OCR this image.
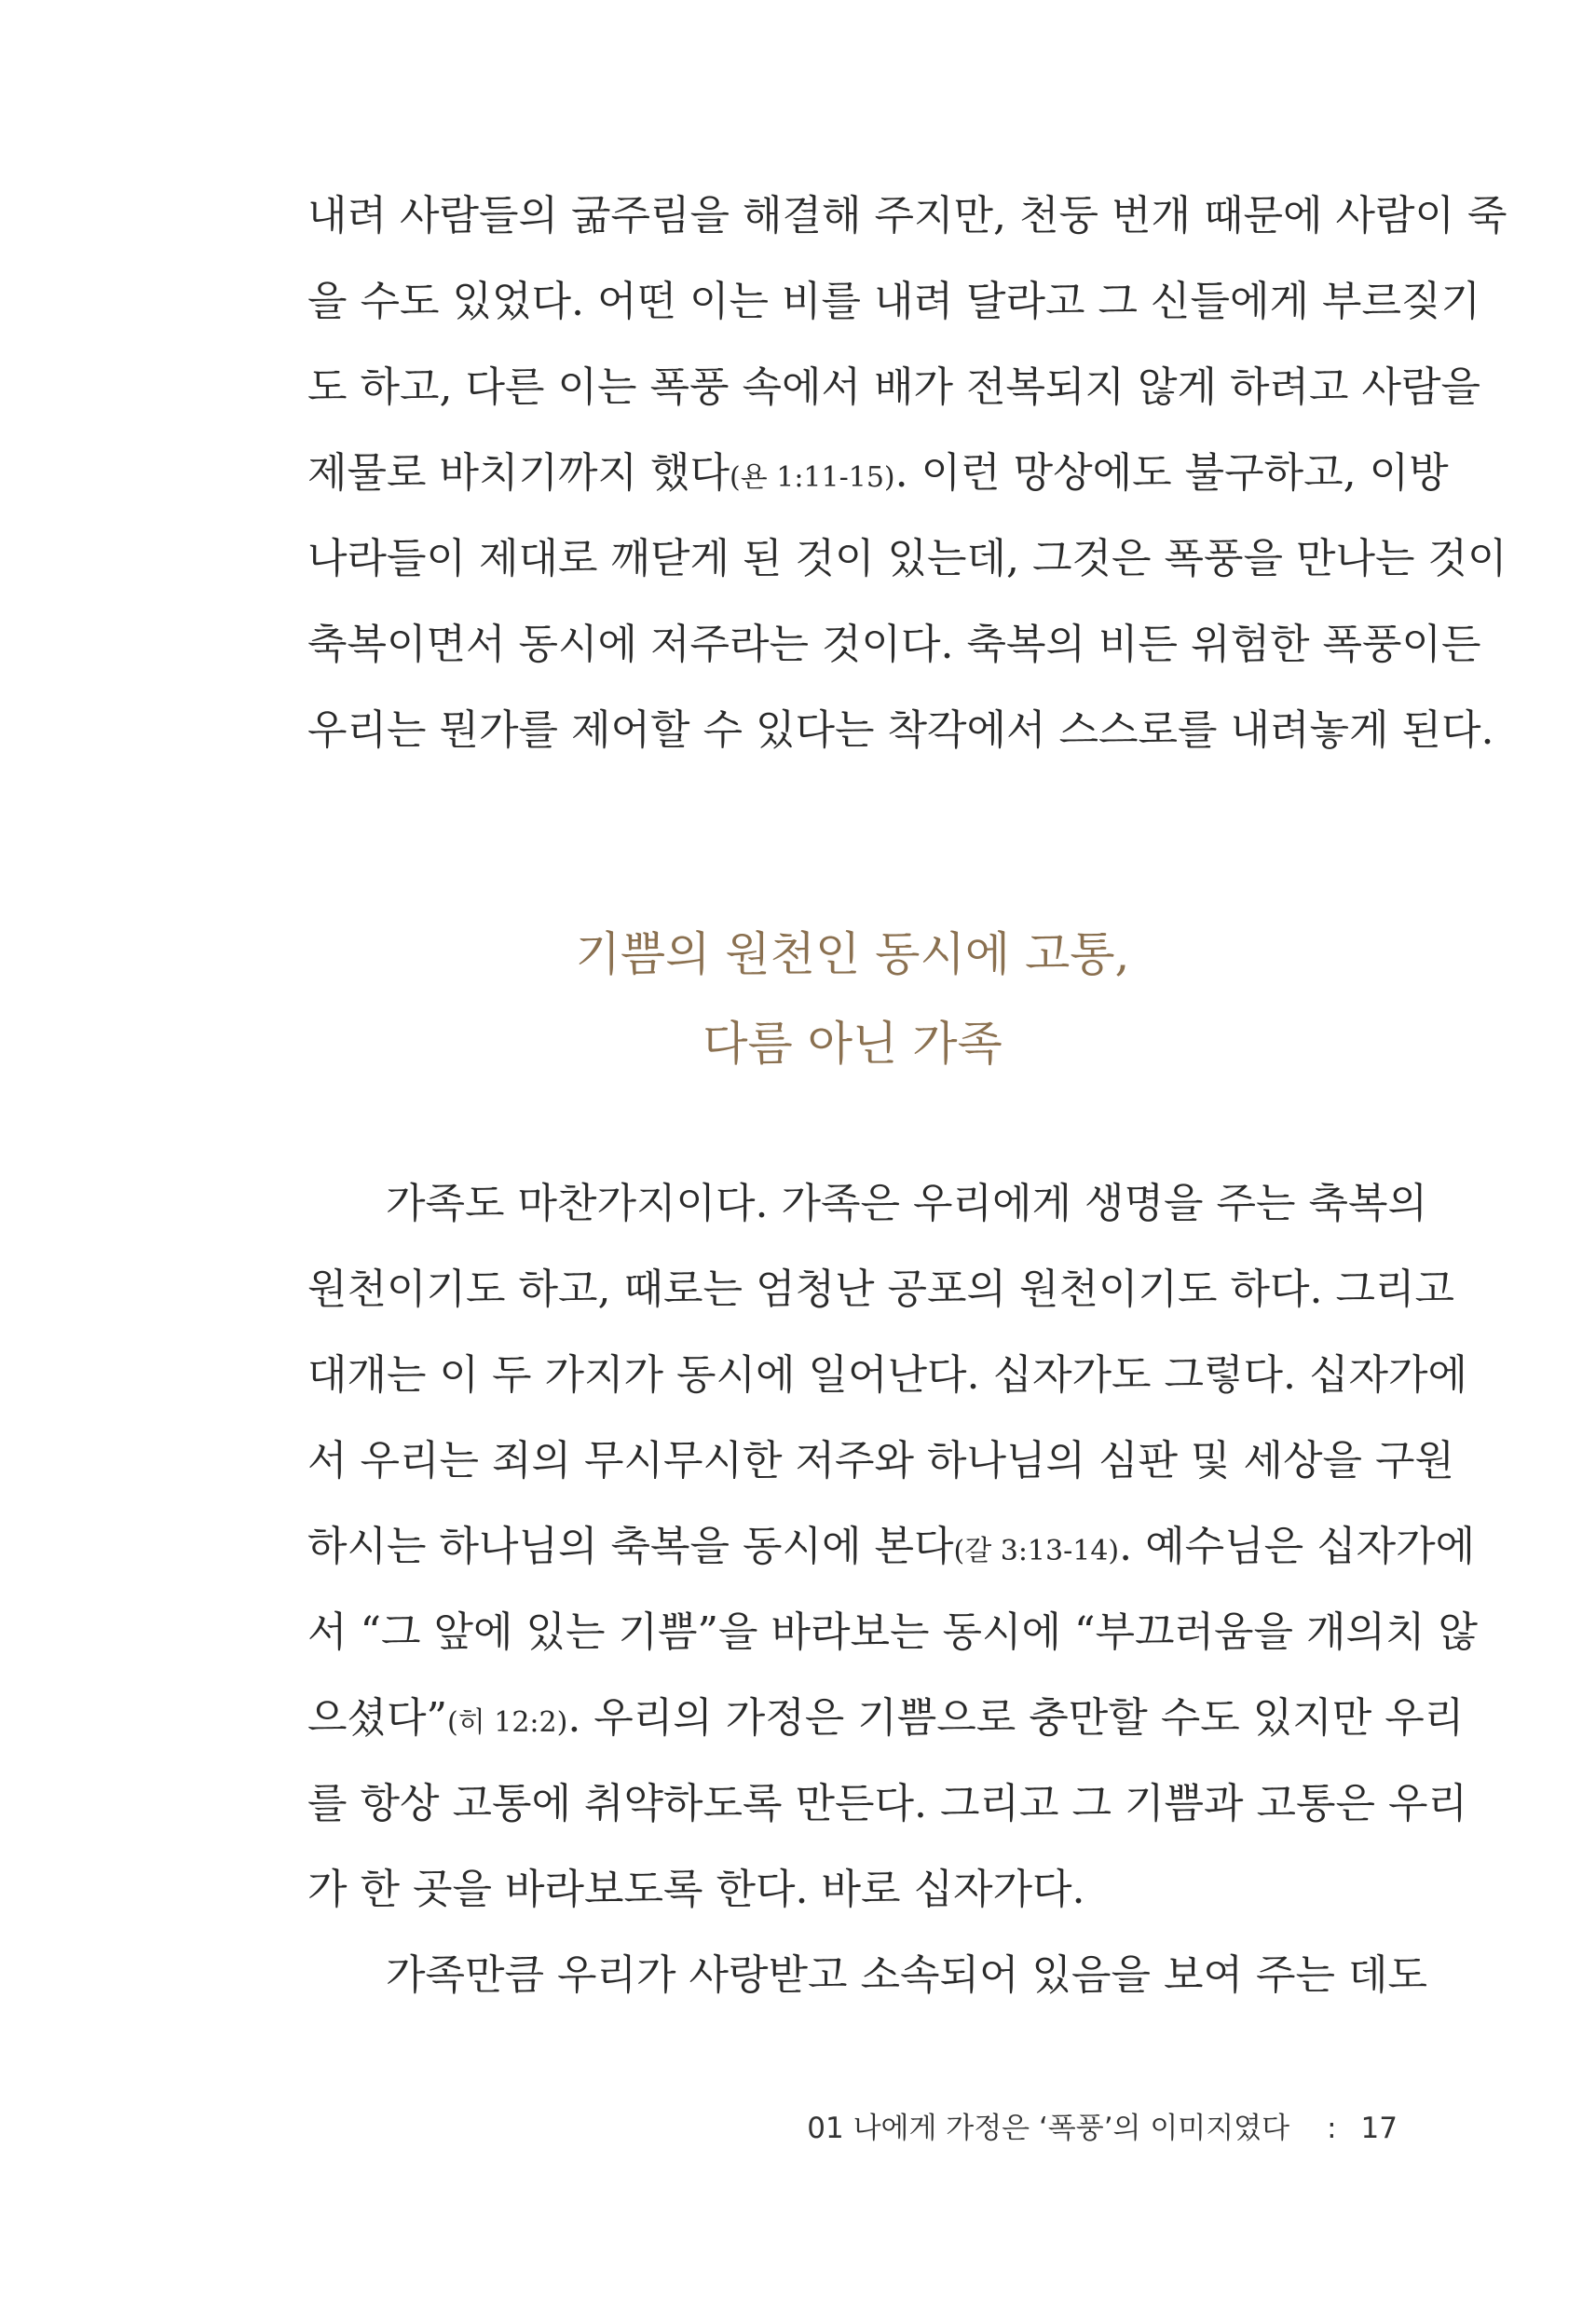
내려 사람들의 굶주림을 해결해 주지만, 천둥 번개 때문에 사람이 죽
을 수도 있었다. 어떤 이는 비를 내려 달라고 그 신들에게 부르짖기
도 하고, 다른 이는 폭풍 속에서 배가 전복되지 않게 하려고 사람을
제물로 바치기까지 했다(욘 1:11-15). 이런 망상에도 불구하고, 이방
나라들이 제대로 깨닫게 된 것이 있는데, 그것은 폭풍을 만나는 것이
축복이면서 동시에 저주라는 것이다. 축복의 비든 위험한 폭풍이든
우리는 뭔가를 제어할 수 있다는 착각에서 스스로를 내려놓게 된다.
기쁨의 원천인 동시에 고통,
다름 아닌 가족
가족도 마찬가지이다. 가족은 우리에게 생명을 주는 축복의
원천이기도 하고, 때로는 엄청난 공포의 원천이기도 하다. 그리고
대개는 이 두 가지가 동시에 일어난다. 십자가도 그렇다. 십자가에
서 우리는 죄의 무시무시한 저주와 하나님의 심판 및 세상을 구원
하시는 하나님의 축복을 동시에 본다(갈 3:13-14). 예수님은 십자가에
서 “그 앞에 있는 기쁨”을 바라보는 동시에 “부끄러움을 개의치 않
으셨다”(히 12:2). 우리의 가정은 기쁨으로 충만할 수도 있지만 우리
를 항상 고통에 취약하도록 만든다. 그리고 그 기쁨과 고통은 우리
가 한 곳을 바라보도록 한다. 바로 십자가다.
가족만큼 우리가 사랑받고 소속되어 있음을 보여 주는 데도
01 나에게 가정은 ‘폭풍’의 이미지였다 : 17
